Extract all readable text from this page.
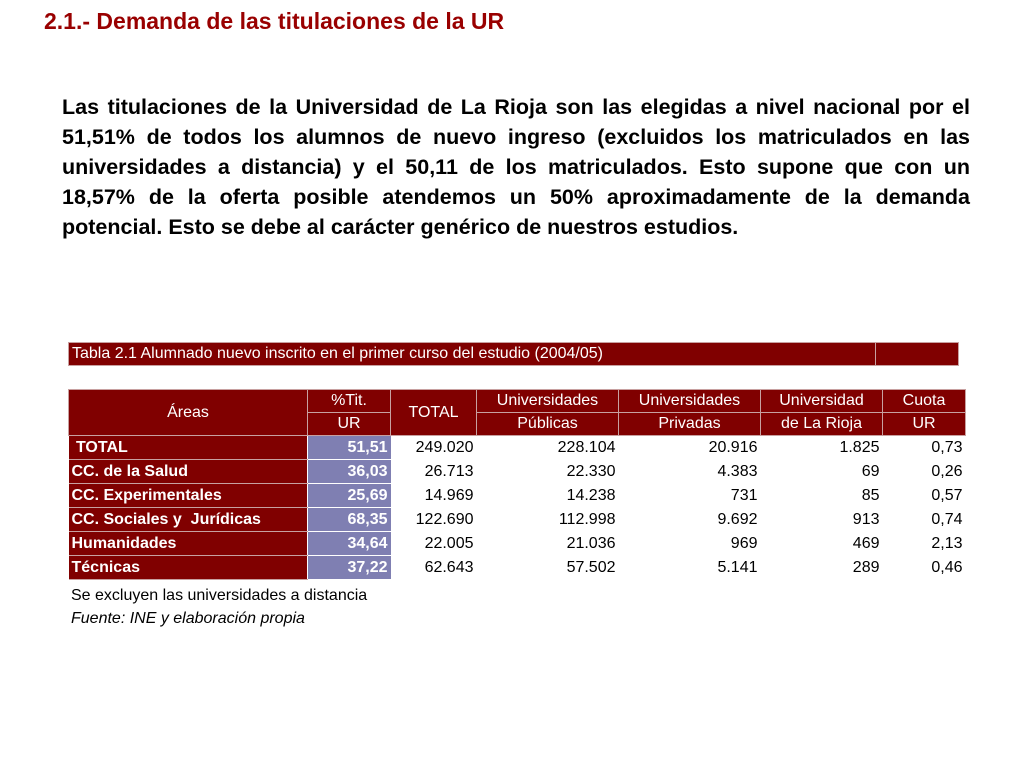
2.1.- Demanda de las titulaciones de la UR

Las titulaciones de la Universidad de La Rioja son las elegidas a nivel nacional por el 51,51% de todos los alumnos de nuevo ingreso (excluidos los matriculados en las universidades a distancia) y el 50,11 de los matriculados. Esto supone que con un 18,57% de la oferta posible atendemos un 50% aproximadamente de la demanda potencial. Esto se debe al carácter genérico de nuestros estudios.

Tabla 2.1 Alumnado nuevo inscrito en el primer curso del estudio (2004/05)	
Áreas	%Tit.	TOTAL	Universidades	Universidades	Universidad	Cuota
	UR		Públicas	Privadas	de La Rioja	UR
TOTAL	51,51	249.020	228.104	20.916	1.825	0,73
CC. de la Salud	36,03	26.713	22.330	4.383	69	0,26
CC. Experimentales	25,69	14.969	14.238	731	85	0,57
CC. Sociales y  Jurídicas	68,35	122.690	112.998	9.692	913	0,74
Humanidades	34,64	22.005	21.036	969	469	2,13
Técnicas	37,22	62.643	57.502	5.141	289	0,46
Se excluyen las universidades a distancia
Fuente: INE y elaboración propia
